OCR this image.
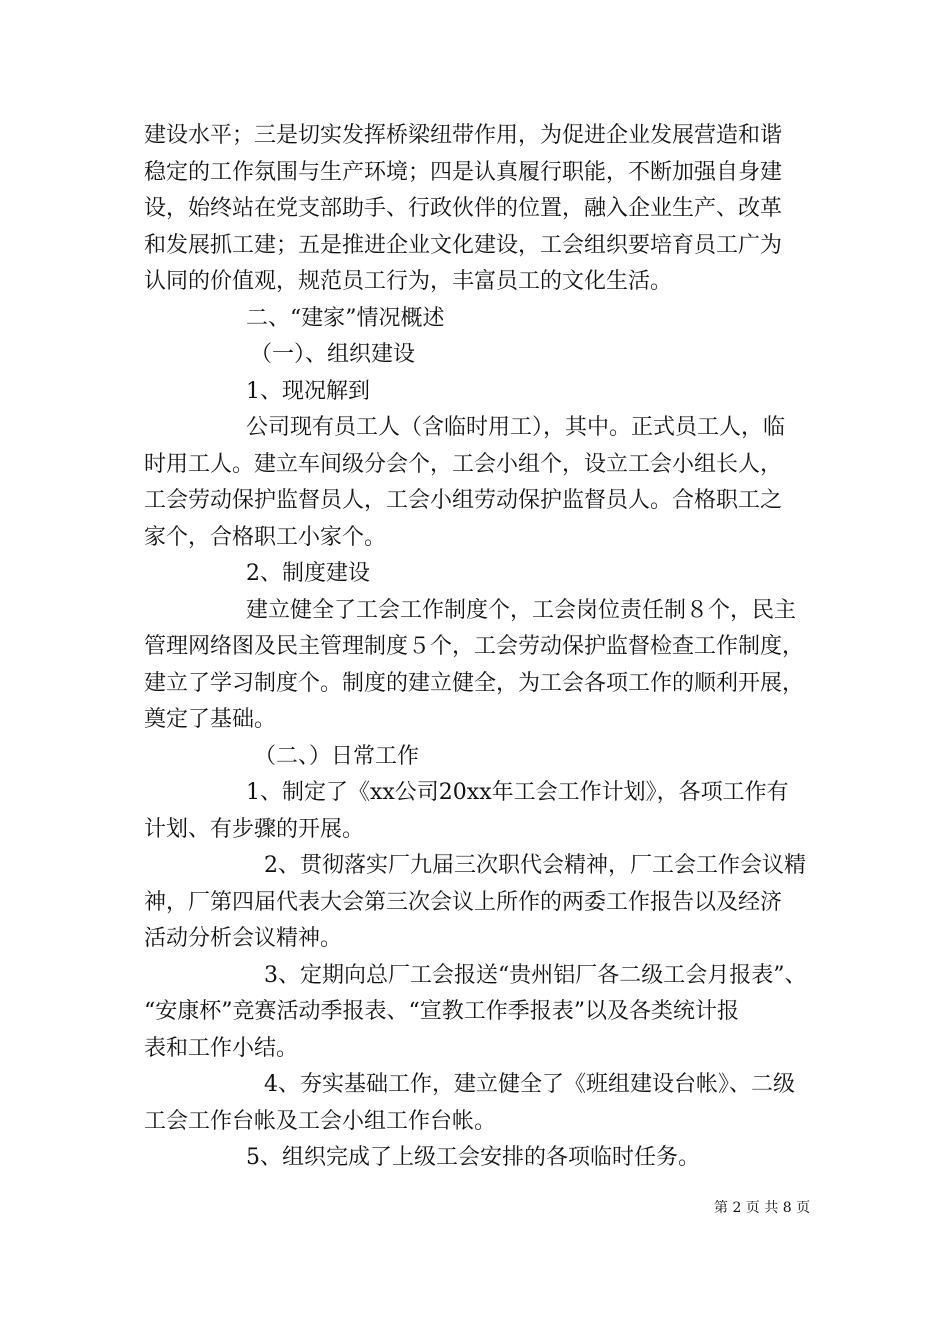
建设水平；三是切实发挥桥梁纽带作用，为促进企业发展营造和谐

稳定的工作氛围与生产环境；四是认真履行职能，不断加强自身建

设，始终站在党支部助手、行政伙伴的位置，融入企业生产、改革

和发展抓工建；五是推进企业文化建设，工会组织要培育员工广为

认同的价值观，规范员工行为，丰富员工的文化生活。

二、“建家”情况概述

（一）、组织建设

1、现况解到

公司现有员工人（含临时用工），其中。正式员工人，临

时用工人。建立车间级分会个，工会小组个，设立工会小组长人，

工会劳动保护监督员人，工会小组劳动保护监督员人。合格职工之

家个，合格职工小家个。

2、制度建设

建立健全了工会工作制度个，工会岗位责任制８个，民主

管理网络图及民主管理制度５个，工会劳动保护监督检查工作制度，

建立了学习制度个。制度的建立健全，为工会各项工作的顺利开展，

奠定了基础。

（二、）日常工作

1、制定了《xx公司20xx年工会工作计划》，各项工作有

计划、有步骤的开展。

2、贯彻落实厂九届三次职代会精神，厂工会工作会议精

神，厂第四届代表大会第三次会议上所作的两委工作报告以及经济

活动分析会议精神。

3、定期向总厂工会报送“贵州铝厂各二级工会月报表”、

“安康杯”竞赛活动季报表、“宣教工作季报表”以及各类统计报

表和工作小结。

4、夯实基础工作，建立健全了《班组建设台帐》、二级

工会工作台帐及工会小组工作台帐。

5、组织完成了上级工会安排的各项临时任务。

第 2 页 共 8 页
